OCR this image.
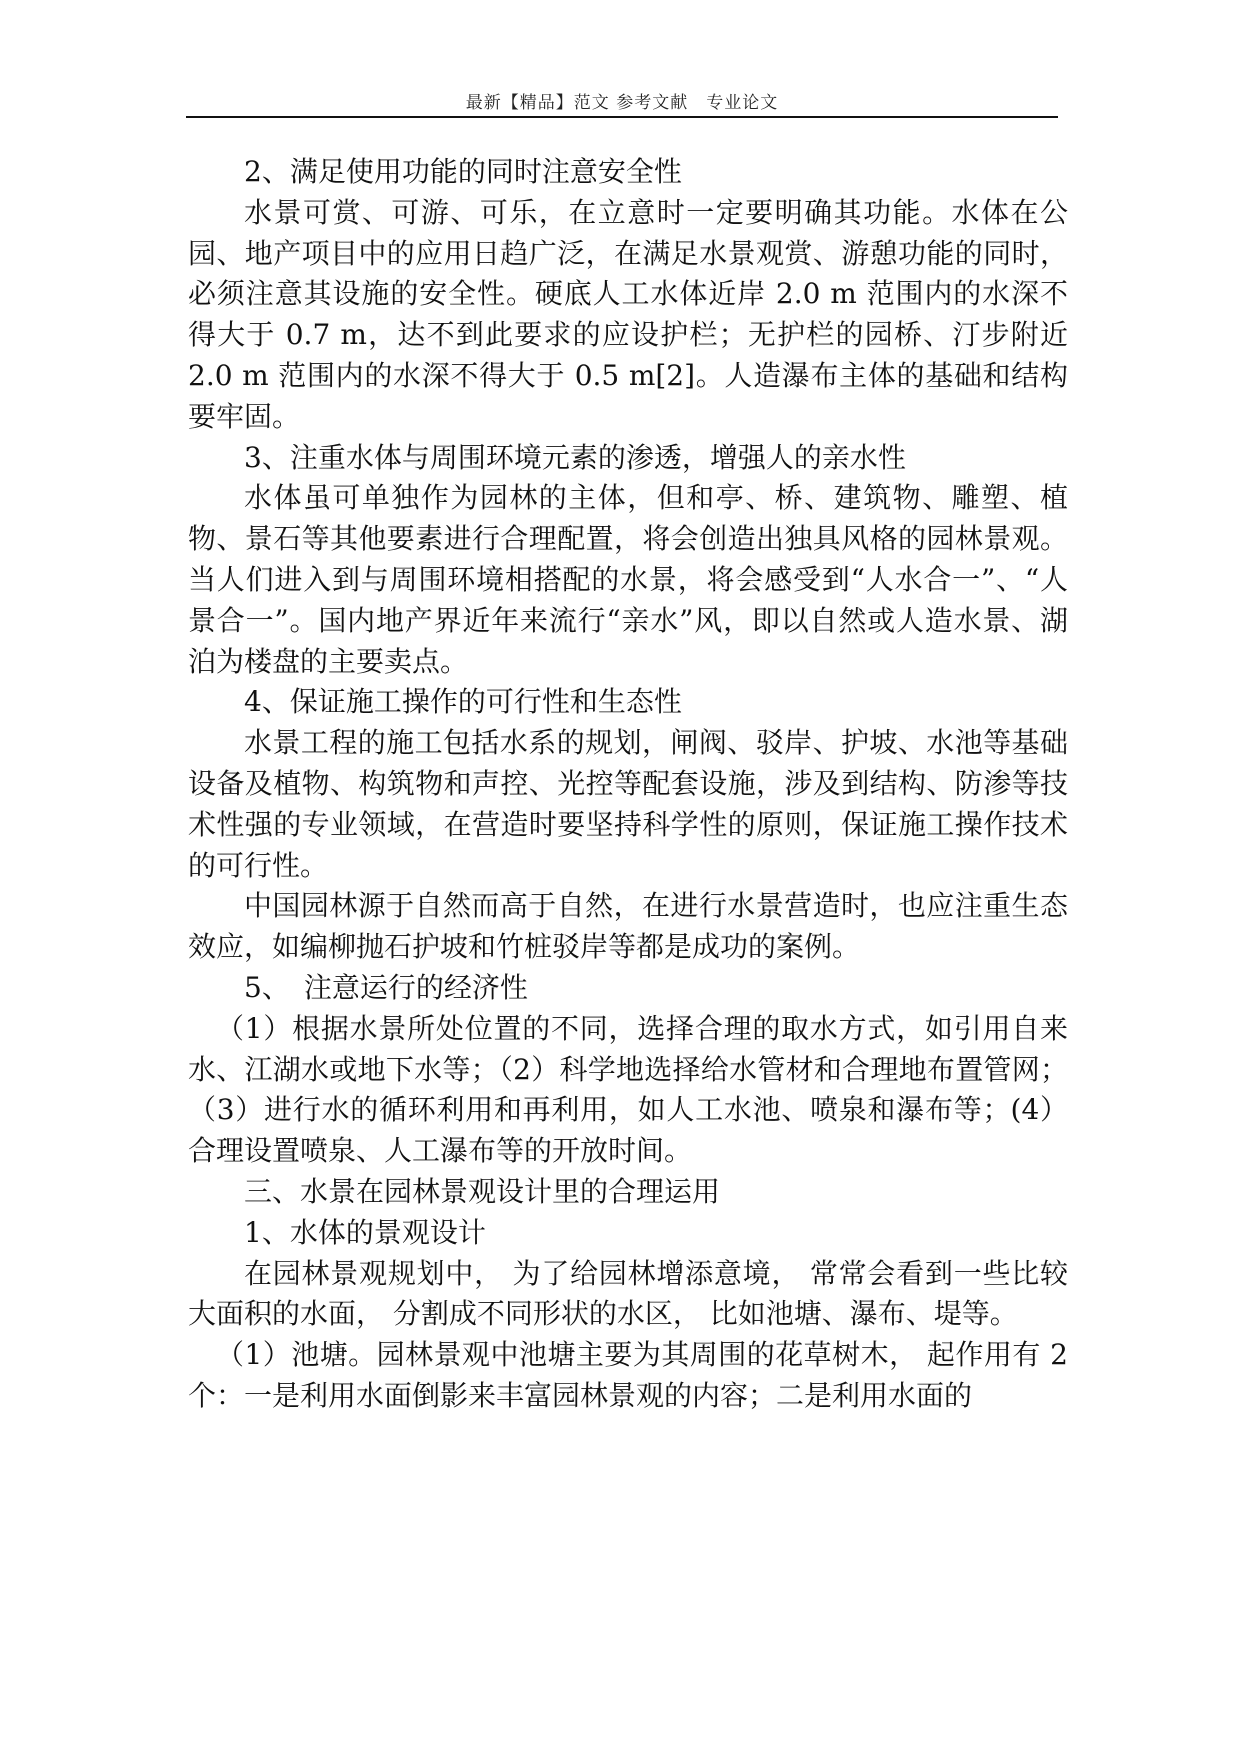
最新【精品】范文 参考文献　专业论文

2、满足使用功能的同时注意安全性

水景可赏、可游、可乐，在立意时一定要明确其功能。水体在公园、地产项目中的应用日趋广泛，在满足水景观赏、游憩功能的同时，必须注意其设施的安全性。硬底人工水体近岸 2.0 m 范围内的水深不得大于 0.7 m，达不到此要求的应设护栏；无护栏的园桥、汀步附近 2.0 m 范围内的水深不得大于 0.5 m[2]。人造瀑布主体的基础和结构要牢固。

3、注重水体与周围环境元素的渗透，增强人的亲水性

水体虽可单独作为园林的主体，但和亭、桥、建筑物、雕塑、植物、景石等其他要素进行合理配置，将会创造出独具风格的园林景观。当人们进入到与周围环境相搭配的水景，将会感受到“人水合一”、“人景合一”。国内地产界近年来流行“亲水”风，即以自然或人造水景、湖泊为楼盘的主要卖点。

4、保证施工操作的可行性和生态性

水景工程的施工包括水系的规划，闸阀、驳岸、护坡、水池等基础设备及植物、构筑物和声控、光控等配套设施，涉及到结构、防渗等技术性强的专业领域，在营造时要坚持科学性的原则，保证施工操作技术的可行性。

中国园林源于自然而高于自然，在进行水景营造时，也应注重生态效应，如编柳抛石护坡和竹桩驳岸等都是成功的案例。

5、　注意运行的经济性

（1）根据水景所处位置的不同，选择合理的取水方式，如引用自来水、江湖水或地下水等；（2）科学地选择给水管材和合理地布置管网；（3）进行水的循环利用和再利用，如人工水池、喷泉和瀑布等；(4）合理设置喷泉、人工瀑布等的开放时间。

三、水景在园林景观设计里的合理运用

1、水体的景观设计

在园林景观规划中， 为了给园林增添意境， 常常会看到一些比较大面积的水面， 分割成不同形状的水区， 比如池塘、瀑布、堤等。

（1）池塘。园林景观中池塘主要为其周围的花草树木， 起作用有 2 个：一是利用水面倒影来丰富园林景观的内容；二是利用水面的
